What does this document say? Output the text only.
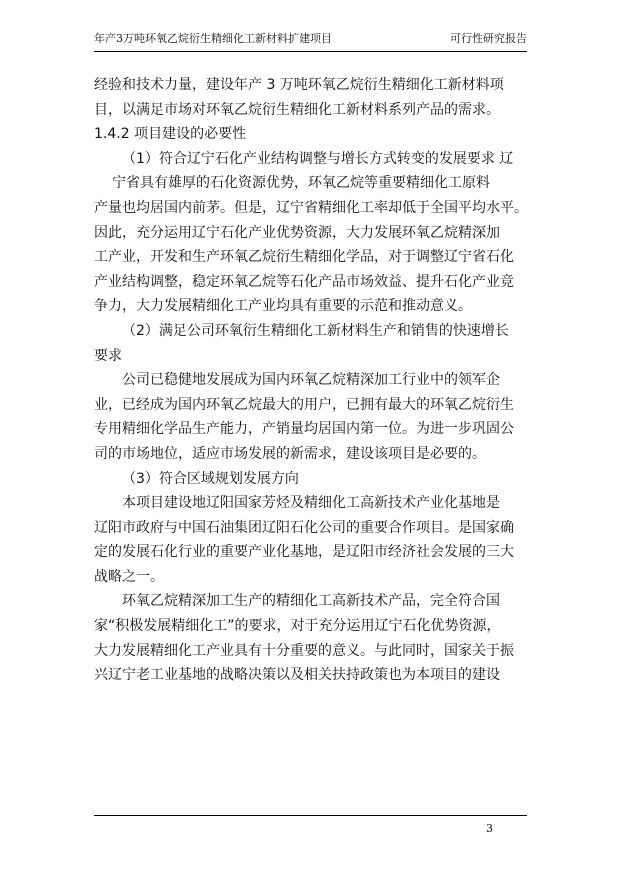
年产3万吨环氧乙烷衍生精细化工新材料扩建项目	可行性研究报告
经验和技术力量，建设年产 3 万吨环氧乙烷衍生精细化工新材料项
目，以满足市场对环氧乙烷衍生精细化工新材料系列产品的需求。
1.4.2 项目建设的必要性
（1）符合辽宁石化产业结构调整与增长方式转变的发展要求 辽
宁省具有雄厚的石化资源优势，环氧乙烷等重要精细化工原料
产量也均居国内前茅。但是，辽宁省精细化工率却低于全国平均水平。
因此，充分运用辽宁石化产业优势资源，大力发展环氧乙烷精深加
工产业，开发和生产环氧乙烷衍生精细化学品，对于调整辽宁省石化
产业结构调整，稳定环氧乙烷等石化产品市场效益、提升石化产业竞
争力，大力发展精细化工产业均具有重要的示范和推动意义。
（2）满足公司环氧衍生精细化工新材料生产和销售的快速增长
要求
公司已稳健地发展成为国内环氧乙烷精深加工行业中的领军企
业，已经成为国内环氧乙烷最大的用户，已拥有最大的环氧乙烷衍生
专用精细化学品生产能力，产销量均居国内第一位。为进一步巩固公
司的市场地位，适应市场发展的新需求，建设该项目是必要的。
（3）符合区域规划发展方向
本项目建设地辽阳国家芳烃及精细化工高新技术产业化基地是
辽阳市政府与中国石油集团辽阳石化公司的重要合作项目。是国家确
定的发展石化行业的重要产业化基地，是辽阳市经济社会发展的三大
战略之一。
环氧乙烷精深加工生产的精细化工高新技术产品，完全符合国
家“积极发展精细化工”的要求，对于充分运用辽宁石化优势资源，
大力发展精细化工产业具有十分重要的意义。与此同时，国家关于振
兴辽宁老工业基地的战略决策以及相关扶持政策也为本项目的建设
3
